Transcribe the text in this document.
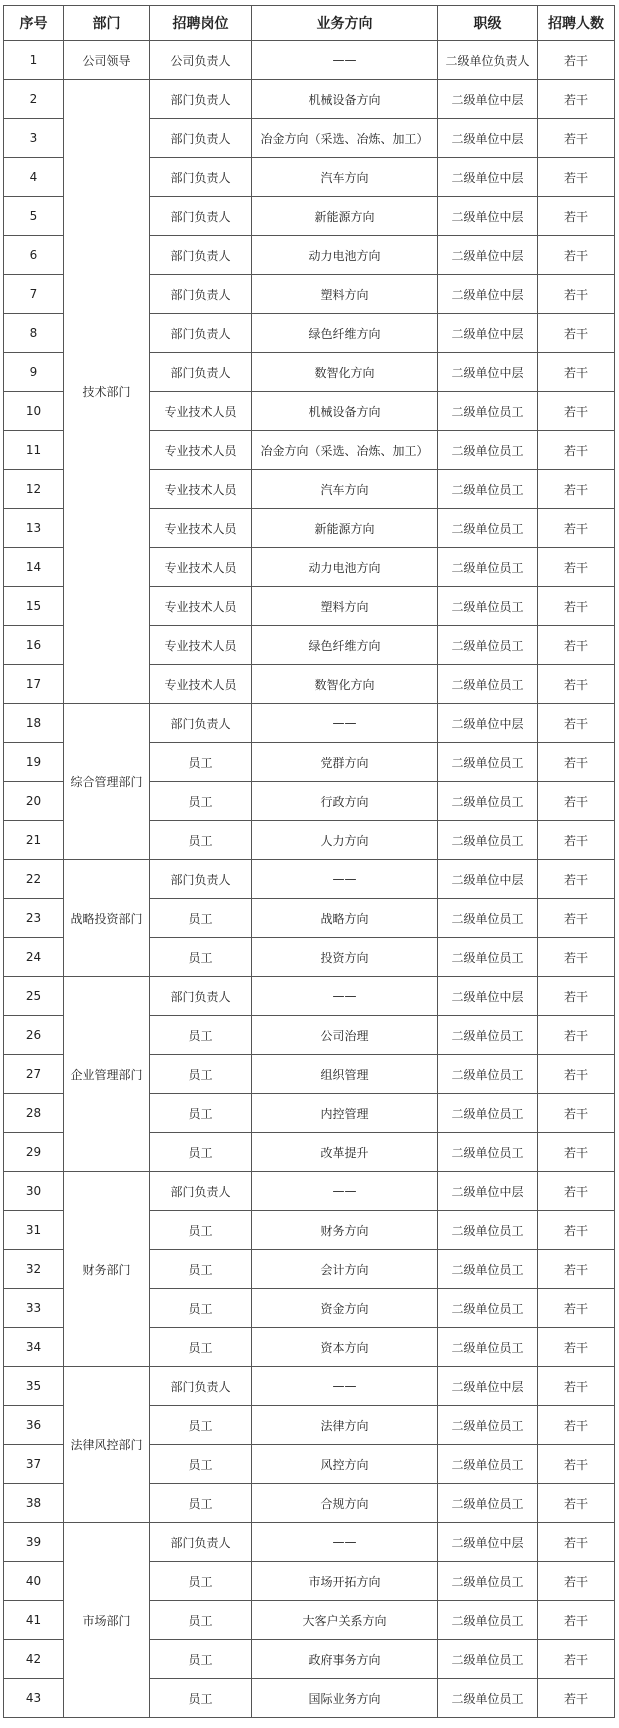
序号	部门	招聘岗位	业务方向	职级	招聘人数
1	公司领导	公司负责人	——	二级单位负责人	若干
2	技术部门	部门负责人	机械设备方向	二级单位中层	若干
3		部门负责人	冶金方向（采选、冶炼、加工）	二级单位中层	若干
4		部门负责人	汽车方向	二级单位中层	若干
5		部门负责人	新能源方向	二级单位中层	若干
6		部门负责人	动力电池方向	二级单位中层	若干
7		部门负责人	塑料方向	二级单位中层	若干
8		部门负责人	绿色纤维方向	二级单位中层	若干
9		部门负责人	数智化方向	二级单位中层	若干
10		专业技术人员	机械设备方向	二级单位员工	若干
11		专业技术人员	冶金方向（采选、冶炼、加工）	二级单位员工	若干
12		专业技术人员	汽车方向	二级单位员工	若干
13		专业技术人员	新能源方向	二级单位员工	若干
14		专业技术人员	动力电池方向	二级单位员工	若干
15		专业技术人员	塑料方向	二级单位员工	若干
16		专业技术人员	绿色纤维方向	二级单位员工	若干
17		专业技术人员	数智化方向	二级单位员工	若干
18	综合管理部门	部门负责人	——	二级单位中层	若干
19		员工	党群方向	二级单位员工	若干
20		员工	行政方向	二级单位员工	若干
21		员工	人力方向	二级单位员工	若干
22	战略投资部门	部门负责人	——	二级单位中层	若干
23		员工	战略方向	二级单位员工	若干
24		员工	投资方向	二级单位员工	若干
25	企业管理部门	部门负责人	——	二级单位中层	若干
26		员工	公司治理	二级单位员工	若干
27		员工	组织管理	二级单位员工	若干
28		员工	内控管理	二级单位员工	若干
29		员工	改革提升	二级单位员工	若干
30	财务部门	部门负责人	——	二级单位中层	若干
31		员工	财务方向	二级单位员工	若干
32		员工	会计方向	二级单位员工	若干
33		员工	资金方向	二级单位员工	若干
34		员工	资本方向	二级单位员工	若干
35	法律风控部门	部门负责人	——	二级单位中层	若干
36		员工	法律方向	二级单位员工	若干
37		员工	风控方向	二级单位员工	若干
38		员工	合规方向	二级单位员工	若干
39	市场部门	部门负责人	——	二级单位中层	若干
40		员工	市场开拓方向	二级单位员工	若干
41		员工	大客户关系方向	二级单位员工	若干
42		员工	政府事务方向	二级单位员工	若干
43		员工	国际业务方向	二级单位员工	若干
